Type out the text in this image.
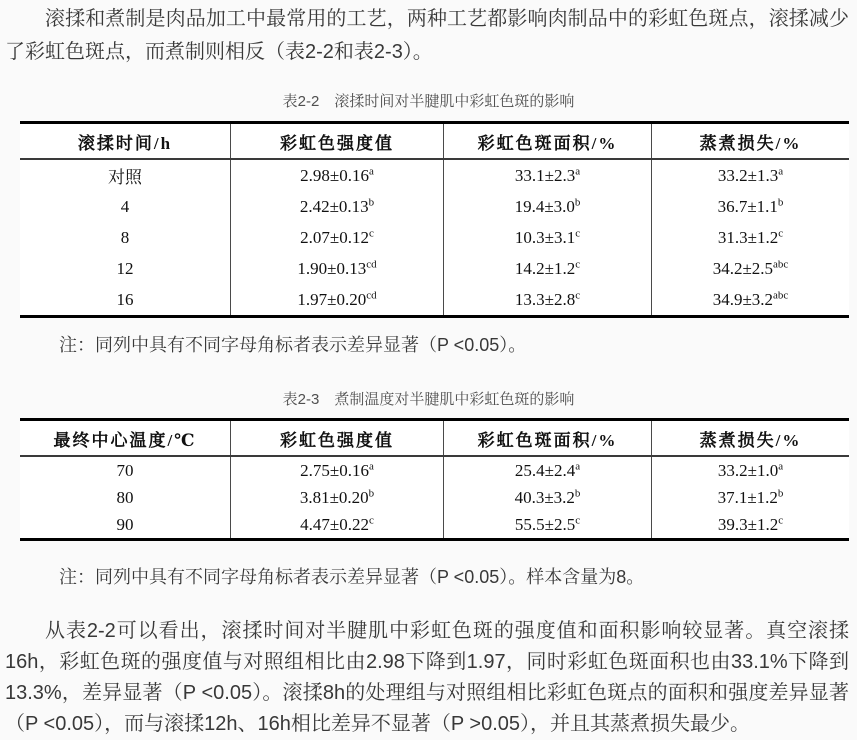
滚揉和煮制是肉品加工中最常用的工艺，两种工艺都影响肉制品中的彩虹色斑点，滚揉减少了彩虹色斑点，而煮制则相反（表2-2和表2-3）。
表2-2　滚揉时间对半腱肌中彩虹色斑的影响
滚揉时间/h	彩虹色强度值	彩虹色斑面积/%	蒸煮损失/%
对照	2.98±0.16$^a$	33.1±2.3$^a$	33.2±1.3$^a$
4	2.42±0.13$^b$	19.4±3.0$^b$	36.7±1.1$^b$
8	2.07±0.12$^c$	10.3±3.1$^c$	31.3±1.2$^c$
12	1.90±0.13$^{cd}$	14.2±1.2$^c$	34.2±2.5$^{abc}$
16	1.97±0.20$^{cd}$	13.3±2.8$^c$	34.9±3.2$^{abc}$
注：同列中具有不同字母角标者表示差异显著（P <0.05）。
表2-3　煮制温度对半腱肌中彩虹色斑的影响
最终中心温度/℃	彩虹色强度值	彩虹色斑面积/%	蒸煮损失/%
70	2.75±0.16$^a$	25.4±2.4$^a$	33.2±1.0$^a$
80	3.81±0.20$^b$	40.3±3.2$^b$	37.1±1.2$^b$
90	4.47±0.22$^c$	55.5±2.5$^c$	39.3±1.2$^c$
注：同列中具有不同字母角标者表示差异显著（P <0.05）。样本含量为8。
从表2-2可以看出，滚揉时间对半腱肌中彩虹色斑的强度值和面积影响较显著。真空滚揉16h，彩虹色斑的强度值与对照组相比由2.98下降到1.97，同时彩虹色斑面积也由33.1%下降到13.3%，差异显著（P <0.05）。滚揉8h的处理组与对照组相比彩虹色斑点的面积和强度差异显著（P <0.05），而与滚揉12h、16h相比差异不显著（P >0.05），并且其蒸煮损失最少。
